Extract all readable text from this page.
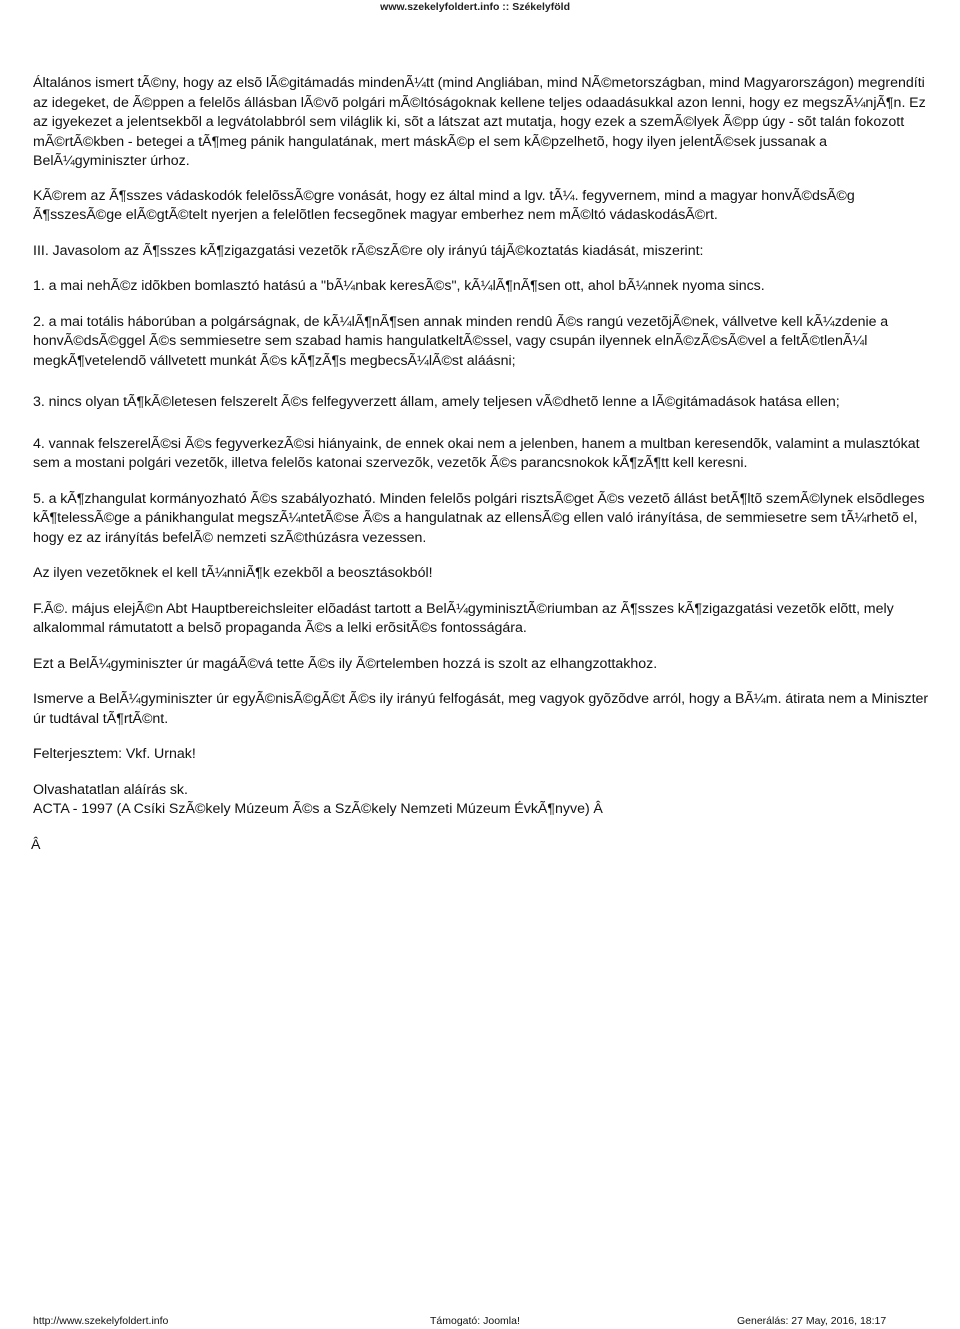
www.szekelyfoldert.info :: Székelyföld

Általános ismert tÃ©ny, hogy az elsõ lÃ©gitámadás mindenÃ¼tt (mind Angliában, mind NÃ©metországban, mind Magyarországon) megrendíti az idegeket, de Ã©ppen a felelõs állásban lÃ©võ polgári mÃ©ltóságoknak kellene teljes odaadásukkal azon lenni, hogy ez megszÃ¼njÃ¶n. Ez az igyekezet a jelentsekbõl a legvátolabbról sem világlik ki, sõt a látszat azt mutatja, hogy ezek a szemÃ©lyek Ã©pp úgy - sõt talán fokozott mÃ©rtÃ©kben - betegei a tÃ¶meg pánik hangulatának, mert máskÃ©p el sem kÃ©pzelhetõ, hogy ilyen jelentÃ©sek jussanak a BelÃ¼gyminiszter úrhoz.

KÃ©rem az Ã¶sszes vádaskodók felelõssÃ©gre vonását, hogy ez által mind a lgv. tÃ¼. fegyvernem, mind a magyar honvÃ©dsÃ©g Ã¶sszesÃ©ge elÃ©gtÃ©telt nyerjen a felelõtlen fecsegõnek magyar emberhez nem mÃ©ltó vádaskodásÃ©rt.

III. Javasolom az Ã¶sszes kÃ¶zigazgatási vezetõk rÃ©szÃ©re oly irányú tájÃ©koztatás kiadását, miszerint:

1. a mai nehÃ©z idõkben bomlasztó hatású a "bÃ¼nbak keresÃ©s", kÃ¼lÃ¶nÃ¶sen ott, ahol bÃ¼nnek nyoma sincs.

2. a mai totális háborúban a polgárságnak, de kÃ¼lÃ¶nÃ¶sen annak minden rendû Ã©s rangú vezetõjÃ©nek, vállvetve kell kÃ¼zdenie a honvÃ©dsÃ©ggel Ã©s semmiesetre sem szabad hamis hangulatkeltÃ©ssel, vagy csupán ilyennek elnÃ©zÃ©sÃ©vel a feltÃ©tlenÃ¼l megkÃ¶vetelendõ vállvetett munkát Ã©s kÃ¶zÃ¶s megbecsÃ¼lÃ©st aláásni;

3. nincs olyan tÃ¶kÃ©letesen felszerelt Ã©s felfegyverzett állam, amely teljesen vÃ©dhetõ lenne a lÃ©gitámadások hatása ellen;

4. vannak felszerelÃ©si Ã©s fegyverkezÃ©si hiányaink, de ennek okai nem a jelenben, hanem a multban keresendõk, valamint a mulasztókat sem a mostani polgári vezetõk, illetva felelõs katonai szervezõk, vezetõk Ã©s parancsnokok kÃ¶zÃ¶tt kell keresni.

5. a kÃ¶zhangulat kormányozható Ã©s szabályozható. Minden felelõs polgári risztsÃ©get Ã©s vezetõ állást betÃ¶ltõ szemÃ©lynek elsõdleges kÃ¶telessÃ©ge a pánikhangulat megszÃ¼ntetÃ©se Ã©s a hangulatnak az ellensÃ©g ellen való irányítása, de semmiesetre sem tÃ¼rhetõ el, hogy ez az irányítás befelÃ© nemzeti szÃ©thúzásra vezessen.

Az ilyen vezetõknek el kell tÃ¼nniÃ¶k ezekbõl a beosztásokból!

F.Ã©. május elejÃ©n Abt Hauptbereichsleiter elõadást tartott a BelÃ¼gyminisztÃ©riumban az Ã¶sszes kÃ¶zigazgatási vezetõk elõtt, mely alkalommal rámutatott a belsõ propaganda Ã©s a lelki erõsitÃ©s fontosságára.

Ezt a BelÃ¼gyminiszter úr magáÃ©vá tette Ã©s ily Ã©rtelemben hozzá is szolt az elhangzottakhoz.

Ismerve a BelÃ¼gyminiszter úr egyÃ©nisÃ©gÃ©t Ã©s ily irányú felfogását, meg vagyok gyõzõdve arról, hogy a BÃ¼m. átirata nem a Miniszter úr tudtával tÃ¶rtÃ©nt.

Felterjesztem: Vkf. Urnak!

Olvashatatlan aláírás sk.

ACTA - 1997 (A Csíki SzÃ©kely Múzeum Ã©s a SzÃ©kely Nemzeti Múzeum ÉvkÃ¶nyve) Â

Â

http://www.szekelyfoldert.info	Támogató: Joomla!	Generálás: 27 May, 2016, 18:17
